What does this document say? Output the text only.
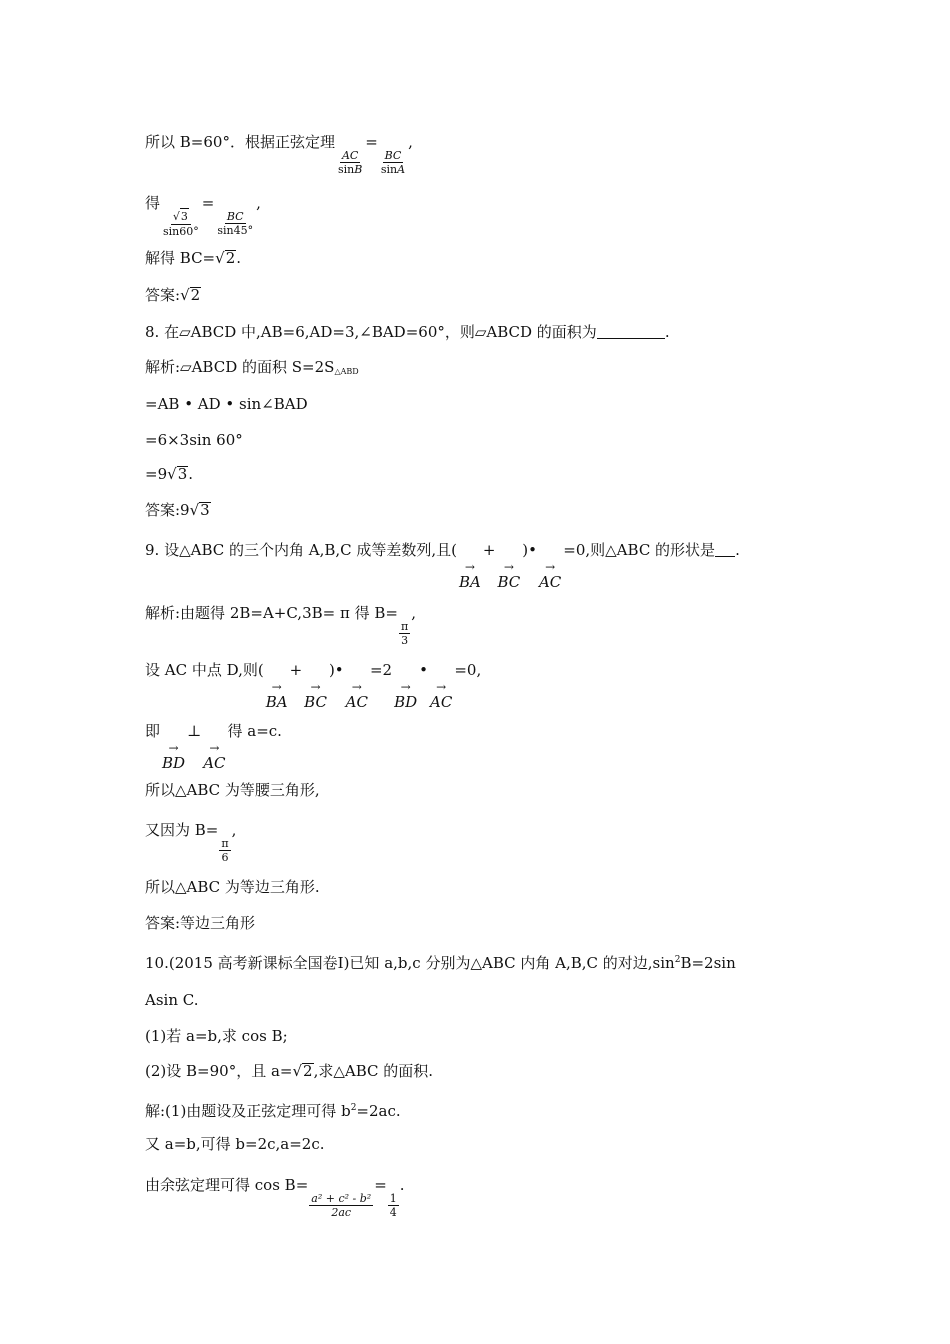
所以 B=60°．根据正弦定理
$\frac{AC}{\sin B}$
=
$\frac{BC}{\sin A}$
,
得
$\frac{√3}{\sin 60^\circ}$
=
$\frac{BC}{\sin 45^\circ}$
,
解得 BC=√2.
答案:√2
8. 在▱ABCD 中,AB=6,AD=3,∠BAD=60°，则▱ABCD 的面积为	.
解析:▱ABCD 的面积 $S=2S_{\triangle ABD}$
=AB • AD • sin∠BAD
=6×3sin 60°
=9√3.
答案:9√3
9. 设△ABC 的三个内角 A,B,C 成等差数列,且(
→
BA
+
→
BC
)•
→
AC
=0,则△ABC 的形状是 .
解析:由题得 2B=A+C,3B= π 得 B=
$\frac{\pi}{3}$
,
设 AC 中点 D,则(
→
BA
+
→
BC
)•
→
AC
=2
→
BD
•
→
AC
=0,
即
→
BD
⊥
→
AC
得 a=c.
所以△ABC 为等腰三角形,
又因为 B=
$\frac{\pi}{6}$
,
所以△ABC 为等边三角形.
答案:等边三角形
10.(2015 高考新课标全国卷Ⅰ)已知 a,b,c 分别为△ABC 内角 A,B,C 的对边$,\sin^2B=2\sin$
Asin C.
(1)若 a=b,求 cos B;
(2)设 B=90°，且 a=√2,求△ABC 的面积.
解:(1)由题设及正弦定理可得 $b^2=2ac$.
又 a=b,可得 b=2c,a=2c.
由余弦定理可得 cos B=
$\frac{\text{a² + c² - b²}}{2ac}$
=
$\frac{1}{4}$
.
